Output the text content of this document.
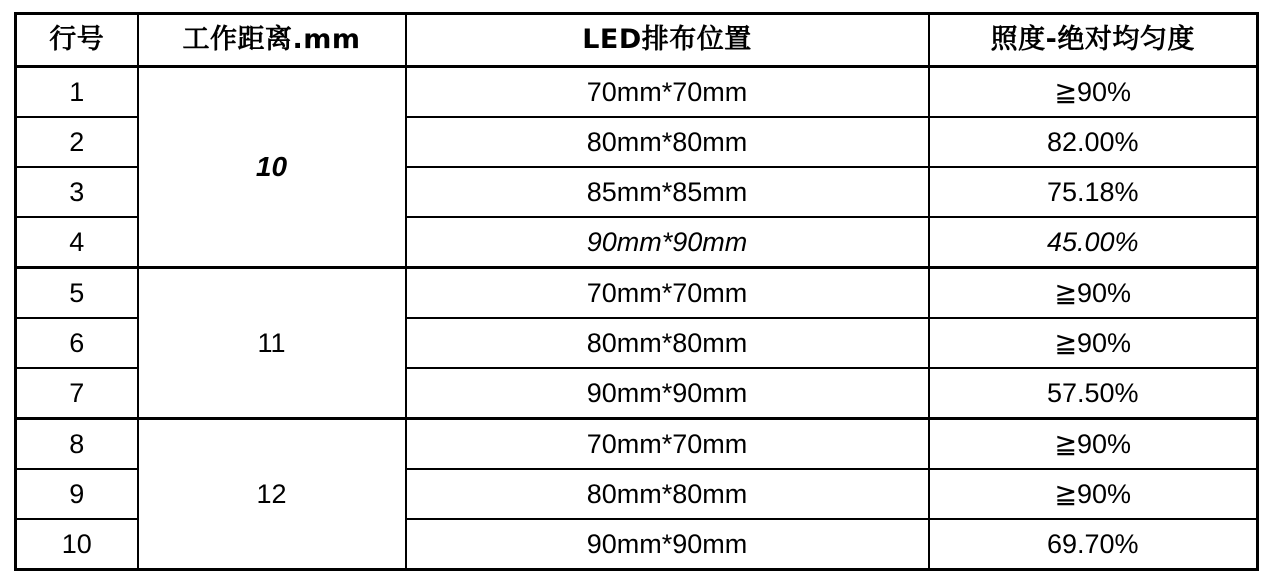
行号	工作距离.mm	LED排布位置	照度-绝对均匀度
1	10	70mm*70mm	≧90%
2		80mm*80mm	82.00%
3		85mm*85mm	75.18%
4		90mm*90mm	45.00%
5	11	70mm*70mm	≧90%
6		80mm*80mm	≧90%
7		90mm*90mm	57.50%
8	12	70mm*70mm	≧90%
9		80mm*80mm	≧90%
10		90mm*90mm	69.70%
